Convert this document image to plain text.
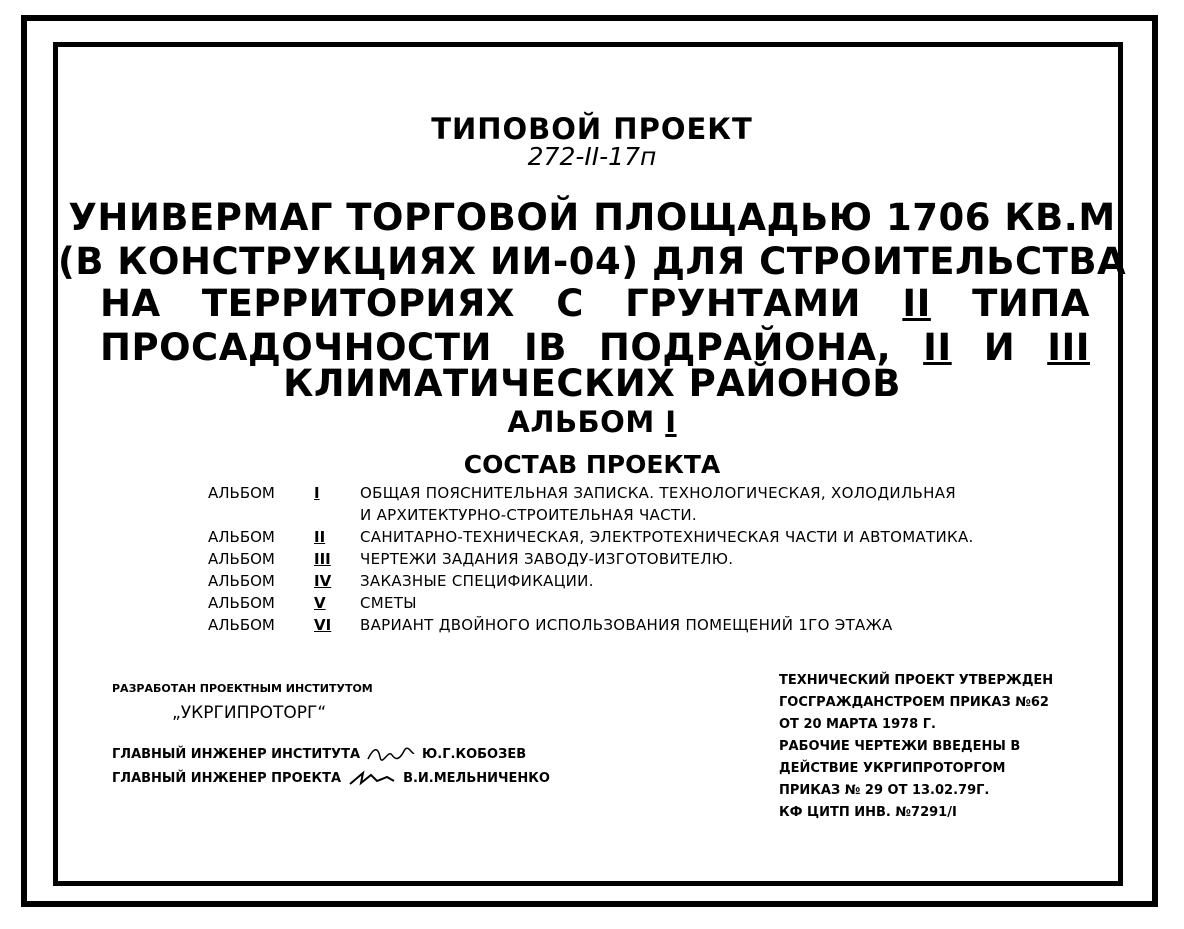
ТИПОВОЙ ПРОЕКТ
272-II-17п
УНИВЕРМАГ ТОРГОВОЙ ПЛОЩАДЬЮ 1706 КВ.М
(В КОНСТРУКЦИЯХ ИИ-04) ДЛЯ СТРОИТЕЛЬСТВА
НА ТЕРРИТОРИЯХ С ГРУНТАМИ II ТИПА
ПРОСАДОЧНОСТИ IВ ПОДРАЙОНА, II И III
КЛИМАТИЧЕСКИХ РАЙОНОВ
АЛЬБОМ I
СОСТАВ ПРОЕКТА
АЛЬБОМ	I	ОБЩАЯ ПОЯСНИТЕЛЬНАЯ ЗАПИСКА. ТЕХНОЛОГИЧЕСКАЯ, ХОЛОДИЛЬНАЯ
И АРХИТЕКТУРНО-СТРОИТЕЛЬНАЯ ЧАСТИ.
АЛЬБОМ	II	САНИТАРНО-ТЕХНИЧЕСКАЯ, ЭЛЕКТРОТЕХНИЧЕСКАЯ ЧАСТИ И АВТОМАТИКА.
АЛЬБОМ	III	ЧЕРТЕЖИ ЗАДАНИЯ ЗАВОДУ-ИЗГОТОВИТЕЛЮ.
АЛЬБОМ	IV	ЗАКАЗНЫЕ СПЕЦИФИКАЦИИ.
АЛЬБОМ	V	СМЕТЫ
АЛЬБОМ	VI	ВАРИАНТ ДВОЙНОГО ИСПОЛЬЗОВАНИЯ ПОМЕЩЕНИЙ 1ГО ЭТАЖА
РАЗРАБОТАН ПРОЕКТНЫМ ИНСТИТУТОМ
„УКРГИПРОТОРГ“
ГЛАВНЫЙ ИНЖЕНЕР ИНСТИТУТА	Ю.Г.КОБОЗЕВ
ГЛАВНЫЙ ИНЖЕНЕР ПРОЕКТА	В.И.МЕЛЬНИЧЕНКО
ТЕХНИЧЕСКИЙ ПРОЕКТ УТВЕРЖДЕН
ГОСГРАЖДАНСТРОЕМ ПРИКАЗ №62
ОТ 20 МАРТА 1978 Г.
РАБОЧИЕ ЧЕРТЕЖИ ВВЕДЕНЫ В
ДЕЙСТВИЕ УКРГИПРОТОРГОМ
ПРИКАЗ № 29 ОТ 13.02.79Г.
КФ ЦИТП ИНВ. №7291/I
